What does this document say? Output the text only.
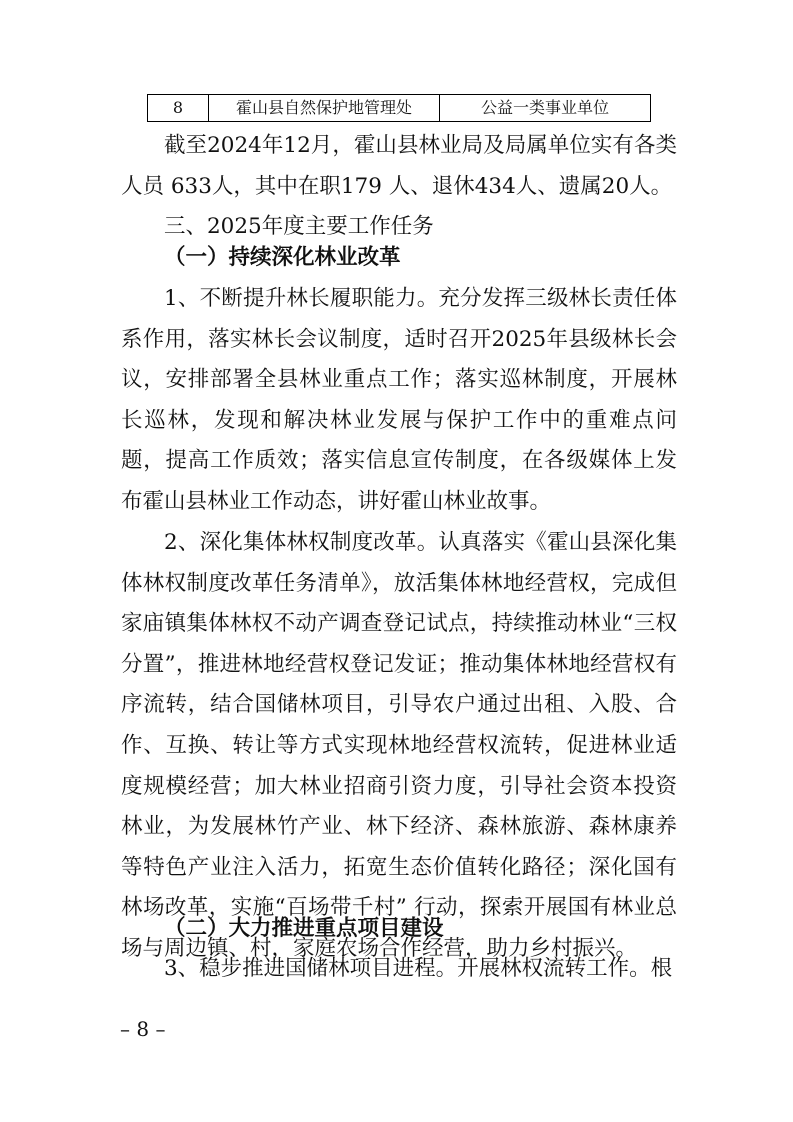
8	霍山县自然保护地管理处	公益一类事业单位

截至2024年12月，霍山县林业局及局属单位实有各类人员 633人，其中在职179 人、退休434人、遗属20人。

三、2025年度主要工作任务

（一）持续深化林业改革

1、不断提升林长履职能力。充分发挥三级林长责任体系作用，落实林长会议制度，适时召开2025年县级林长会议，安排部署全县林业重点工作；落实巡林制度，开展林长巡林，发现和解决林业发展与保护工作中的重难点问题，提高工作质效；落实信息宣传制度，在各级媒体上发布霍山县林业工作动态，讲好霍山林业故事。

2、深化集体林权制度改革。认真落实《霍山县深化集体林权制度改革任务清单》，放活集体林地经营权，完成但家庙镇集体林权不动产调查登记试点，持续推动林业“三权分置”，推进林地经营权登记发证；推动集体林地经营权有序流转，结合国储林项目，引导农户通过出租、入股、合作、互换、转让等方式实现林地经营权流转，促进林业适度规模经营；加大林业招商引资力度，引导社会资本投资林业，为发展林竹产业、林下经济、森林旅游、森林康养等特色产业注入活力，拓宽生态价值转化路径；深化国有林场改革，实施“百场带千村” 行动，探索开展国有林业总场与周边镇、村，家庭农场合作经营，助力乡村振兴。

（二）大力推进重点项目建设

3、稳步推进国储林项目进程。开展林权流转工作。根

– 8 –
